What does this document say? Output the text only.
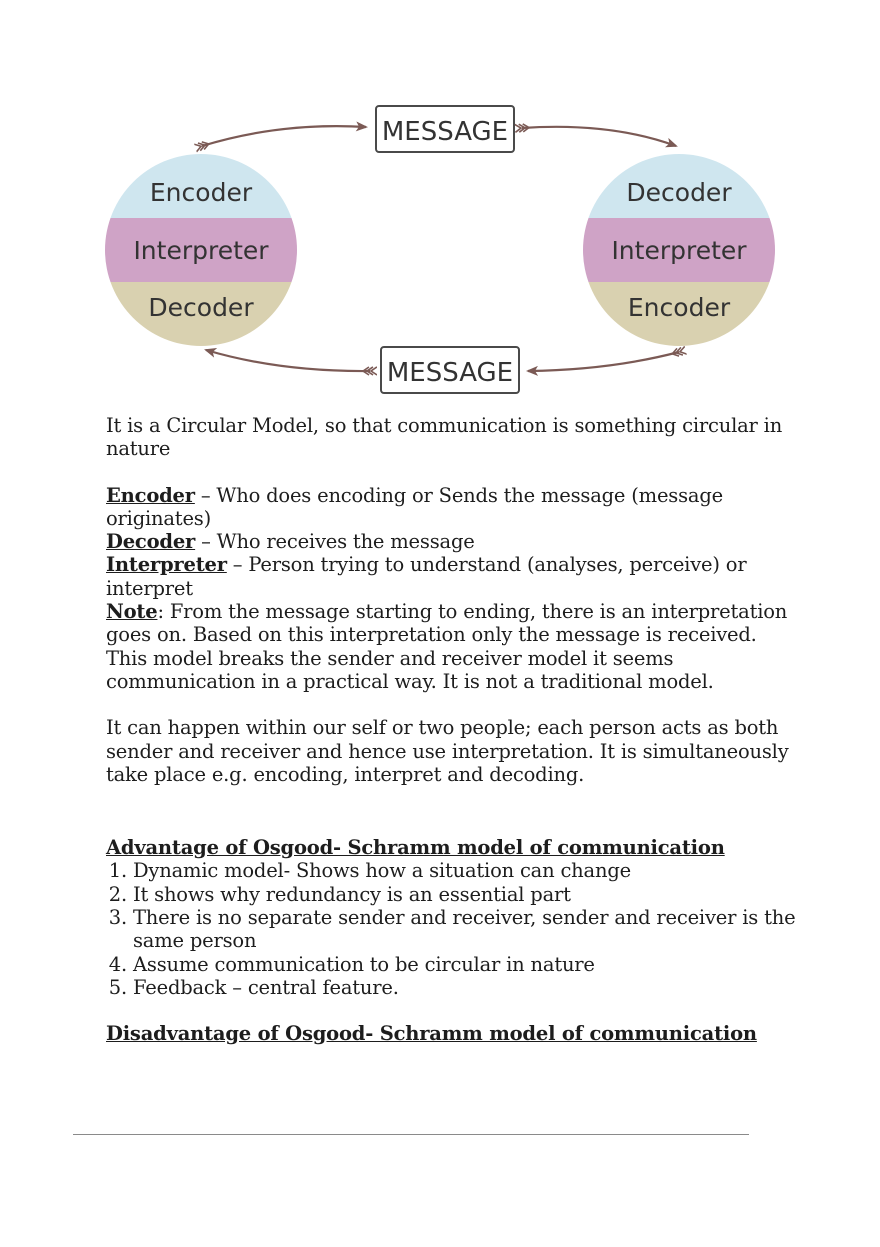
Encoder
Interpreter
Decoder
Decoder
Interpreter
Encoder
MESSAGE
MESSAGE

It is a Circular Model, so that communication is something circular in nature

Encoder – Who does encoding or Sends the message (message originates)

Decoder – Who receives the message

Interpreter – Person trying to understand (analyses, perceive) or interpret

Note: From the message starting to ending, there is an interpretation goes on. Based on this interpretation only the message is received.

This model breaks the sender and receiver model it seems communication in a practical way. It is not a traditional model.

It can happen within our self or two people; each person acts as both sender and receiver and hence use interpretation. It is simultaneously take place e.g. encoding, interpret and decoding.

Advantage of Osgood- Schramm model of communication

1. Dynamic model- Shows how a situation can change
2. It shows why redundancy is an essential part
3. There is no separate sender and receiver, sender and receiver is the same person
4. Assume communication to be circular in nature
5. Feedback – central feature.

Disadvantage of Osgood- Schramm model of communication
